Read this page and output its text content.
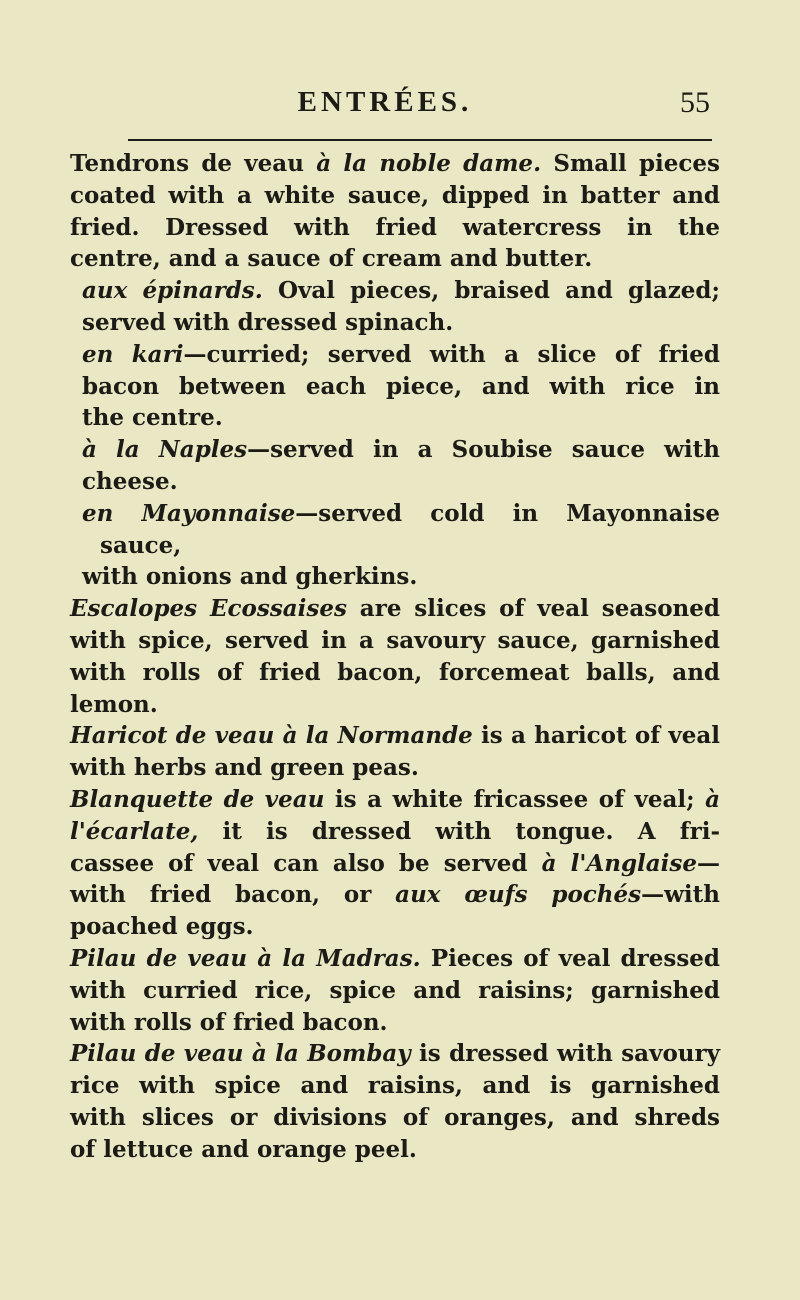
ENTRÉES.	55

Tendrons de veau à la noble dame. Small pieces
coated with a white sauce, dipped in batter and
fried. Dressed with fried watercress in the
centre, and a sauce of cream and butter.

aux épinards. Oval pieces, braised and glazed;
served with dressed spinach.

en kari—curried; served with a slice of fried
bacon between each piece, and with rice in
the centre.

à la Naples—served in a Soubise sauce with
cheese.

en Mayonnaise—served cold in Mayonnaise sauce,
with onions and gherkins.

Escalopes Ecossaises are slices of veal seasoned
with spice, served in a savoury sauce, garnished
with rolls of fried bacon, forcemeat balls, and
lemon.

Haricot de veau à la Normande is a haricot of veal
with herbs and green peas.

Blanquette de veau is a white fricassee of veal; à
l'écarlate, it is dressed with tongue. A fri-
cassee of veal can also be served à l'Anglaise—
with fried bacon, or aux œufs pochés—with
poached eggs.

Pilau de veau à la Madras. Pieces of veal dressed
with curried rice, spice and raisins; garnished
with rolls of fried bacon.

Pilau de veau à la Bombay is dressed with savoury
rice with spice and raisins, and is garnished
with slices or divisions of oranges, and shreds
of lettuce and orange peel.
